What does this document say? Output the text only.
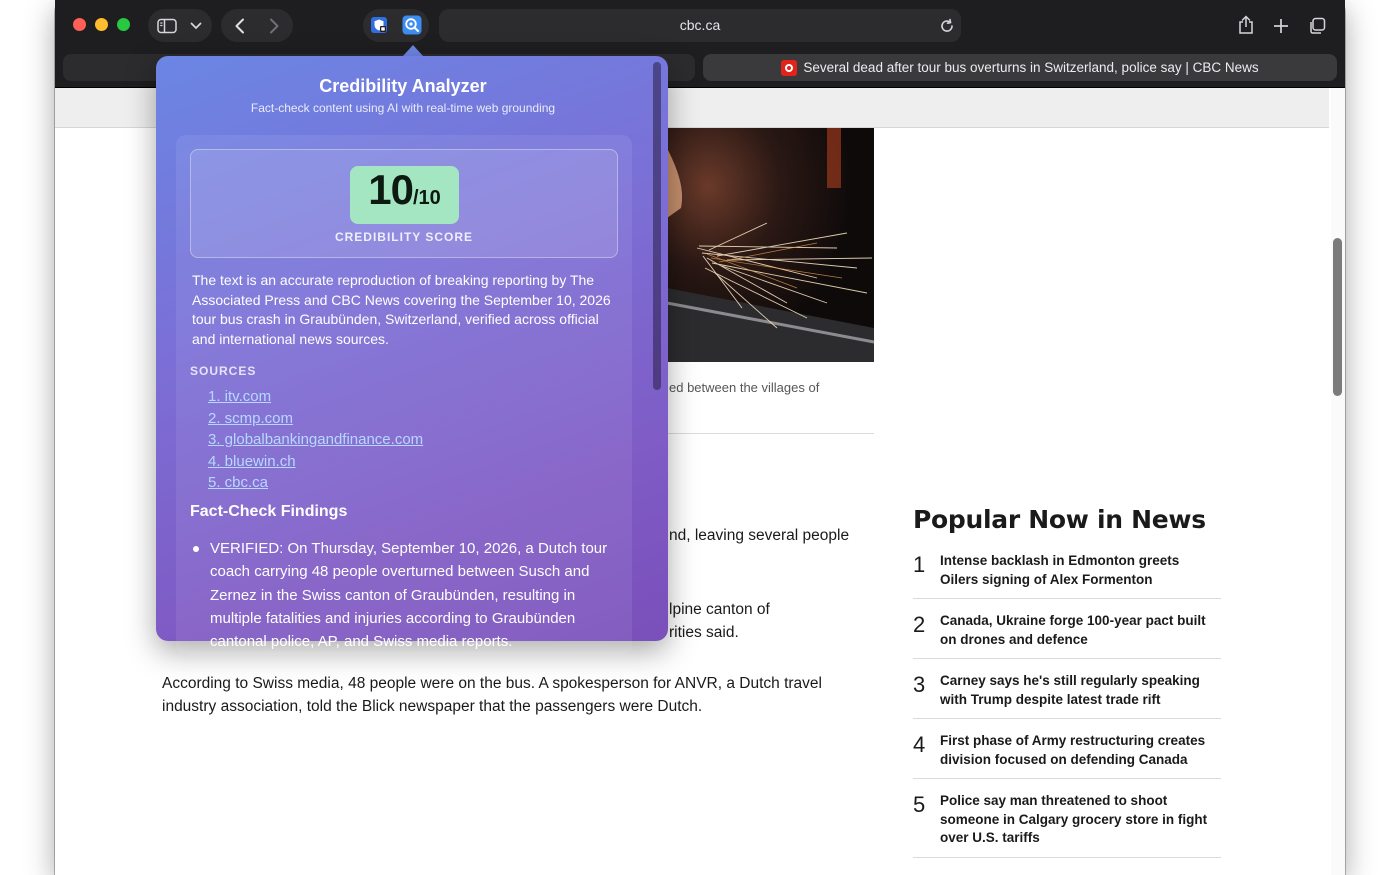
cbc.ca
Several dead after tour bus overturns in Switzerland, police say | CBC News
ed between the villages of
nd, leaving several people
lpine canton of
rities said.
According to Swiss media, 48 people were on the bus. A spokesperson for ANVR, a Dutch travel industry association, told the Blick newspaper that the passengers were Dutch.
Popular Now in News
1	Intense backlash in Edmonton greets Oilers signing of Alex Formenton
2	Canada, Ukraine forge 100-year pact built on drones and defence
3	Carney says he's still regularly speaking with Trump despite latest trade rift
4	First phase of Army restructuring creates division focused on defending Canada
5	Police say man threatened to shoot someone in Calgary grocery store in fight over U.S. tariffs
Credibility Analyzer
Fact-check content using AI with real-time web grounding
10/10
CREDIBILITY SCORE
The text is an accurate reproduction of breaking reporting by The Associated Press and CBC News covering the September 10, 2026 tour bus crash in Graubünden, Switzerland, verified across official and international news sources.
SOURCES
1. itv.com
2. scmp.com
3. globalbankingandfinance.com
4. bluewin.ch
5. cbc.ca
Fact-Check Findings
VERIFIED: On Thursday, September 10, 2026, a Dutch tour coach carrying 48 people overturned between Susch and Zernez in the Swiss canton of Graubünden, resulting in multiple fatalities and injuries according to Graubünden cantonal police, AP, and Swiss media reports.
